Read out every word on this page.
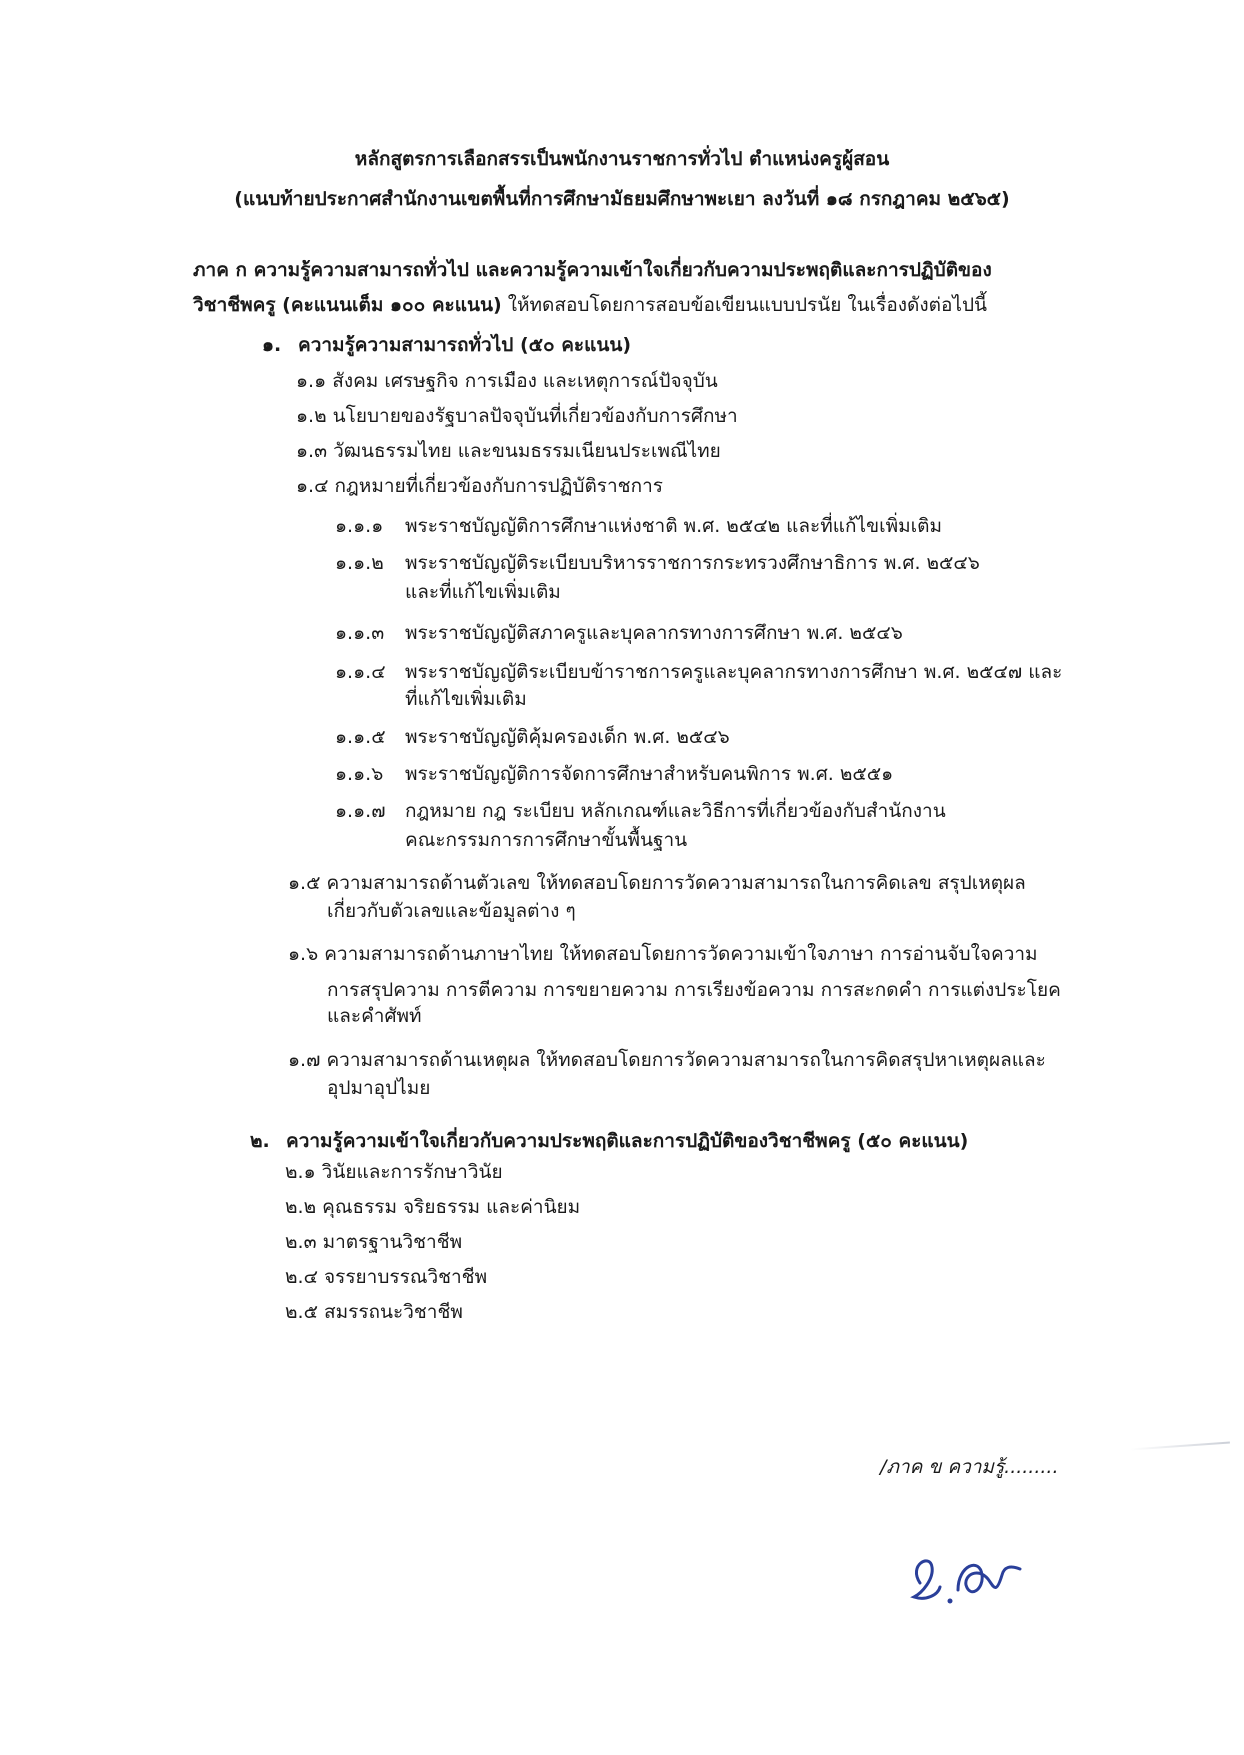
หลักสูตรการเลือกสรรเป็นพนักงานราชการทั่วไป ตำแหน่งครูผู้สอน
(แนบท้ายประกาศสำนักงานเขตพื้นที่การศึกษามัธยมศึกษาพะเยา ลงวันที่ ๑๘ กรกฎาคม ๒๕๖๕)
ภาค ก ความรู้ความสามารถทั่วไป และความรู้ความเข้าใจเกี่ยวกับความประพฤติและการปฏิบัติของ
วิชาชีพครู (คะแนนเต็ม ๑๐๐ คะแนน) ให้ทดสอบโดยการสอบข้อเขียนแบบปรนัย ในเรื่องดังต่อไปนี้
๑. ความรู้ความสามารถทั่วไป (๕๐ คะแนน)
๑.๑ สังคม เศรษฐกิจ การเมือง และเหตุการณ์ปัจจุบัน
๑.๒ นโยบายของรัฐบาลปัจจุบันที่เกี่ยวข้องกับการศึกษา
๑.๓ วัฒนธรรมไทย และขนมธรรมเนียนประเพณีไทย
๑.๔ กฎหมายที่เกี่ยวข้องกับการปฏิบัติราชการ
๑.๑.๑ พระราชบัญญัติการศึกษาแห่งชาติ พ.ศ. ๒๕๔๒ และที่แก้ไขเพิ่มเติม
๑.๑.๒ พระราชบัญญัติระเบียบบริหารราชการกระทรวงศึกษาธิการ พ.ศ. ๒๕๔๖
และที่แก้ไขเพิ่มเติม
๑.๑.๓ พระราชบัญญัติสภาครูและบุคลากรทางการศึกษา พ.ศ. ๒๕๔๖
๑.๑.๔ พระราชบัญญัติระเบียบข้าราชการครูและบุคลากรทางการศึกษา พ.ศ. ๒๕๔๗ และ
ที่แก้ไขเพิ่มเติม
๑.๑.๕ พระราชบัญญัติคุ้มครองเด็ก พ.ศ. ๒๕๔๖
๑.๑.๖ พระราชบัญญัติการจัดการศึกษาสำหรับคนพิการ พ.ศ. ๒๕๕๑
๑.๑.๗ กฎหมาย กฎ ระเบียบ หลักเกณฑ์และวิธีการที่เกี่ยวข้องกับสำนักงาน
คณะกรรมการการศึกษาขั้นพื้นฐาน
๑.๕ ความสามารถด้านตัวเลข ให้ทดสอบโดยการวัดความสามารถในการคิดเลข สรุปเหตุผล
เกี่ยวกับตัวเลขและข้อมูลต่าง ๆ
๑.๖ ความสามารถด้านภาษาไทย ให้ทดสอบโดยการวัดความเข้าใจภาษา การอ่านจับใจความ
การสรุปความ การตีความ การขยายความ การเรียงข้อความ การสะกดคำ การแต่งประโยค
และคำศัพท์
๑.๗ ความสามารถด้านเหตุผล ให้ทดสอบโดยการวัดความสามารถในการคิดสรุปหาเหตุผลและ
อุปมาอุปไมย
๒. ความรู้ความเข้าใจเกี่ยวกับความประพฤติและการปฏิบัติของวิชาชีพครู (๕๐ คะแนน)
๒.๑ วินัยและการรักษาวินัย
๒.๒ คุณธรรม จริยธรรม และค่านิยม
๒.๓ มาตรฐานวิชาชีพ
๒.๔ จรรยาบรรณวิชาชีพ
๒.๕ สมรรถนะวิชาชีพ
/ภาค ข ความรู้.........
